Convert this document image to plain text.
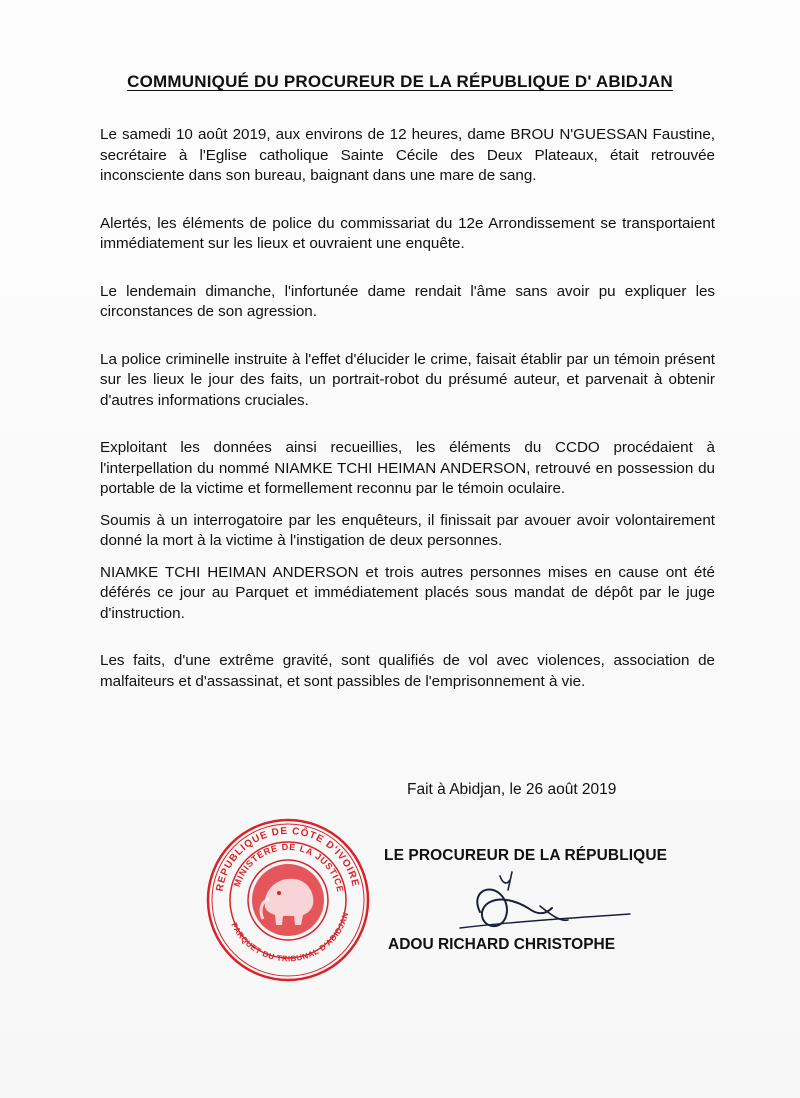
COMMUNIQUÉ DU PROCUREUR DE LA RÉPUBLIQUE D' ABIDJAN

Le samedi 10 août 2019, aux environs de 12 heures, dame BROU N'GUESSAN Faustine, secrétaire à l'Eglise catholique Sainte Cécile des Deux Plateaux, était retrouvée inconsciente dans son bureau, baignant dans une mare de sang.

Alertés, les éléments de police du commissariat du 12e Arrondissement se transportaient immédiatement sur les lieux et ouvraient une enquête.

Le lendemain dimanche, l'infortunée dame rendait l'âme sans avoir pu expliquer les circonstances de son agression.

La police criminelle instruite à l'effet d'élucider le crime, faisait établir par un témoin présent sur les lieux le jour des faits, un portrait-robot du présumé auteur, et parvenait à obtenir d'autres informations cruciales.

Exploitant les données ainsi recueillies, les éléments du CCDO procédaient à l'interpellation du nommé NIAMKE TCHI HEIMAN ANDERSON, retrouvé en possession du portable de la victime et formellement reconnu par le témoin oculaire.

Soumis à un interrogatoire par les enquêteurs, il finissait par avouer avoir volontairement donné la mort à la victime à l'instigation de deux personnes.

NIAMKE TCHI HEIMAN ANDERSON et trois autres personnes mises en cause ont été déférés ce jour au Parquet et immédiatement placés sous mandat de dépôt par le juge d'instruction.

Les faits, d'une extrême gravité, sont qualifiés de vol avec violences, association de malfaiteurs et d'assassinat, et sont passibles de l'emprisonnement à vie.

Fait à Abidjan, le 26 août 2019
REPUBLIQUE DE CÔTE D'IVOIRE
MINISTÈRE DE LA JUSTICE
PARQUET DU TRIBUNAL D'ABIDJAN
LE PROCUREUR DE LA RÉPUBLIQUE
ADOU RICHARD CHRISTOPHE
